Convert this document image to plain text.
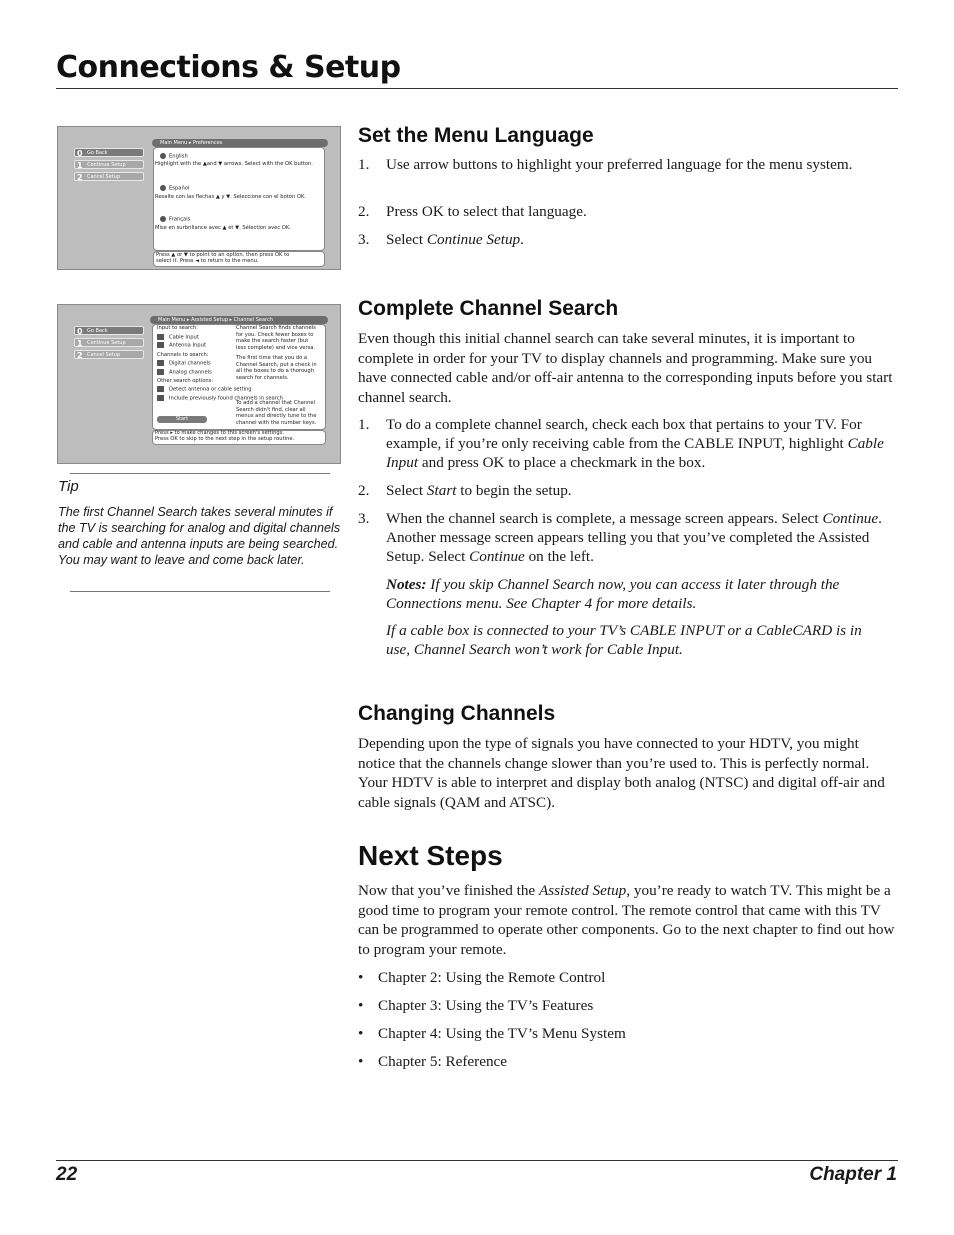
Connections & Setup
0 Go Back
1 Continue Setup
2 Cancel Setup
Main Menu ▸ Preferences
English
Highlight with the ▲and ▼ arrows. Select with the OK button.
Español
Resalte con las flechas ▲ y ▼. Seleccione con el botón OK.
Français
Mise en surbrillance avec ▲ et ▼. Sélection avec OK.
Press ▲ or ▼ to point to an option, then press OK to
select it. Press ◄ to return to the menu.
0 Go Back
1 Continue Setup
2 Cancel Setup
Main Menu ▸ Assisted Setup ▸ Channel Search
Input to search:
Cable Input
Antenna Input
Channels to search:
Digital channels
Analog channels
Other search options:
Detect antenna or cable setting
Include previously found channels in search
Start
Channel Search finds channels
for you. Check fewer boxes to
make the search faster (but
less complete) and vice versa.
The first time that you do a
Channel Search, put a check in
all the boxes to do a thorough
search for channels.
To add a channel that Channel
Search didn't find, clear all
menus and directly tune to the
channel with the number keys.
Press ▸ to make changes to this screen's settings.
Press OK to skip to the next step in the setup routine.
Tip

The first Channel Search takes several minutes if the TV is searching for analog and digital channels and cable and antenna inputs are being searched. You may want to leave and come back later.

Set the Menu Language
1. Use arrow buttons to highlight your preferred language for the menu system.
2. Press OK to select that language.
3. Select Continue Setup.
Complete Channel Search

Even though this initial channel search can take several minutes, it is important to complete in order for your TV to display channels and programming. Make sure you have connected cable and/or off-air antenna to the corresponding inputs before you start channel search.

1. To do a complete channel search, check each box that pertains to your TV. For example, if you’re only receiving cable from the CABLE INPUT, highlight Cable Input and press OK to place a checkmark in the box.
2. Select Start to begin the setup.
3. When the channel search is complete, a message screen appears. Select Continue. Another message screen appears telling you that you’ve completed the Assisted Setup. Select Continue on the left.
Notes: If you skip Channel Search now, you can access it later through the Connections menu. See Chapter 4 for more details.
If a cable box is connected to your TV’s CABLE INPUT or a CableCARD is in use, Channel Search won’t work for Cable Input.
Changing Channels

Depending upon the type of signals you have connected to your HDTV, you might notice that the channels change slower than you’re used to. This is perfectly normal. Your HDTV is able to interpret and display both analog (NTSC) and digital off-air and cable signals (QAM and ATSC).

Next Steps

Now that you’ve finished the Assisted Setup, you’re ready to watch TV. This might be a good time to program your remote control. The remote control that came with this TV can be programmed to operate other components. Go to the next chapter to find out how to program your remote.

• Chapter 2: Using the Remote Control
• Chapter 3: Using the TV’s Features
• Chapter 4: Using the TV’s Menu System
• Chapter 5: Reference
22	Chapter 1
